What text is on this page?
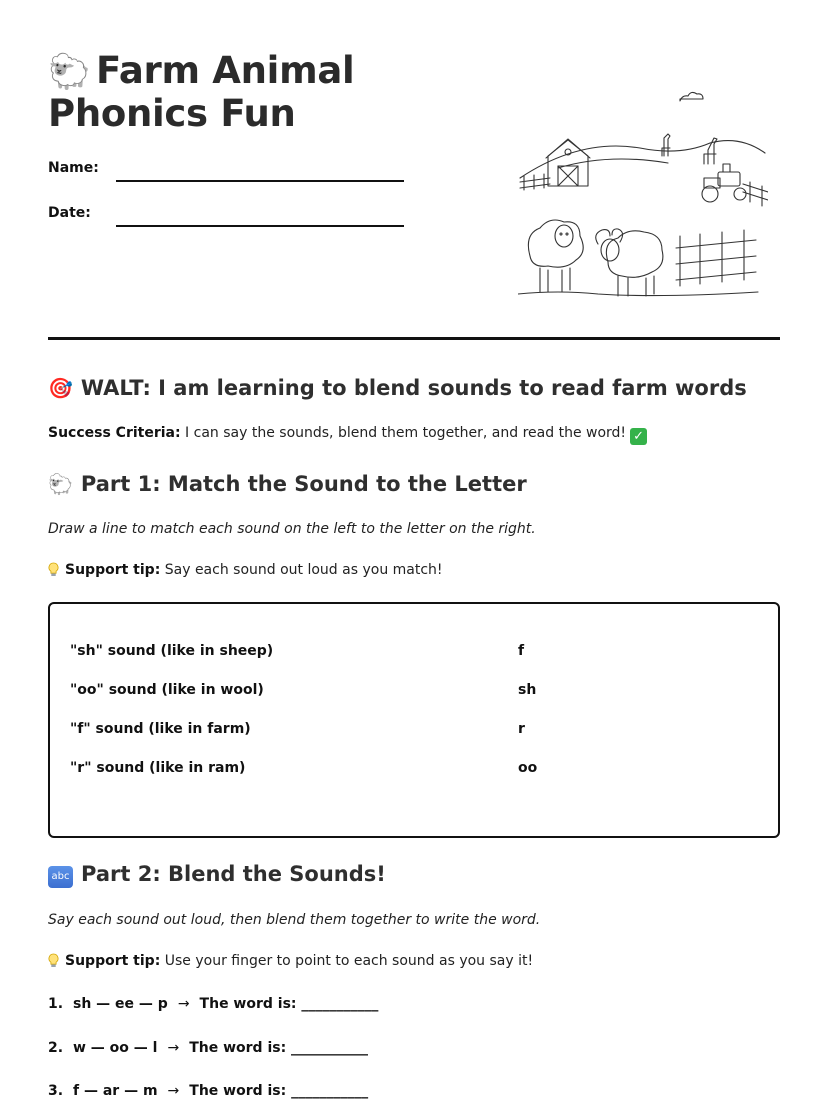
🐑 Farm Animal Phonics Fun
Name:
Date:
🎯 WALT: I am learning to blend sounds to read farm words
Success Criteria: I can say the sounds, blend them together, and read the word! ✓
🐑 Part 1: Match the Sound to the Letter
Draw a line to match each sound on the left to the letter on the right.
Support tip: Say each sound out loud as you match!
"sh" sound (like in sheep)	f
"oo" sound (like in wool)	sh
"f" sound (like in farm)	r
"r" sound (like in ram)	oo
abc Part 2: Blend the Sounds!
Say each sound out loud, then blend them together to write the word.
Support tip: Use your finger to point to each sound as you say it!
1. sh — ee — p → The word is: ___________
2. w — oo — l → The word is: ___________
3. f — ar — m → The word is: ___________
